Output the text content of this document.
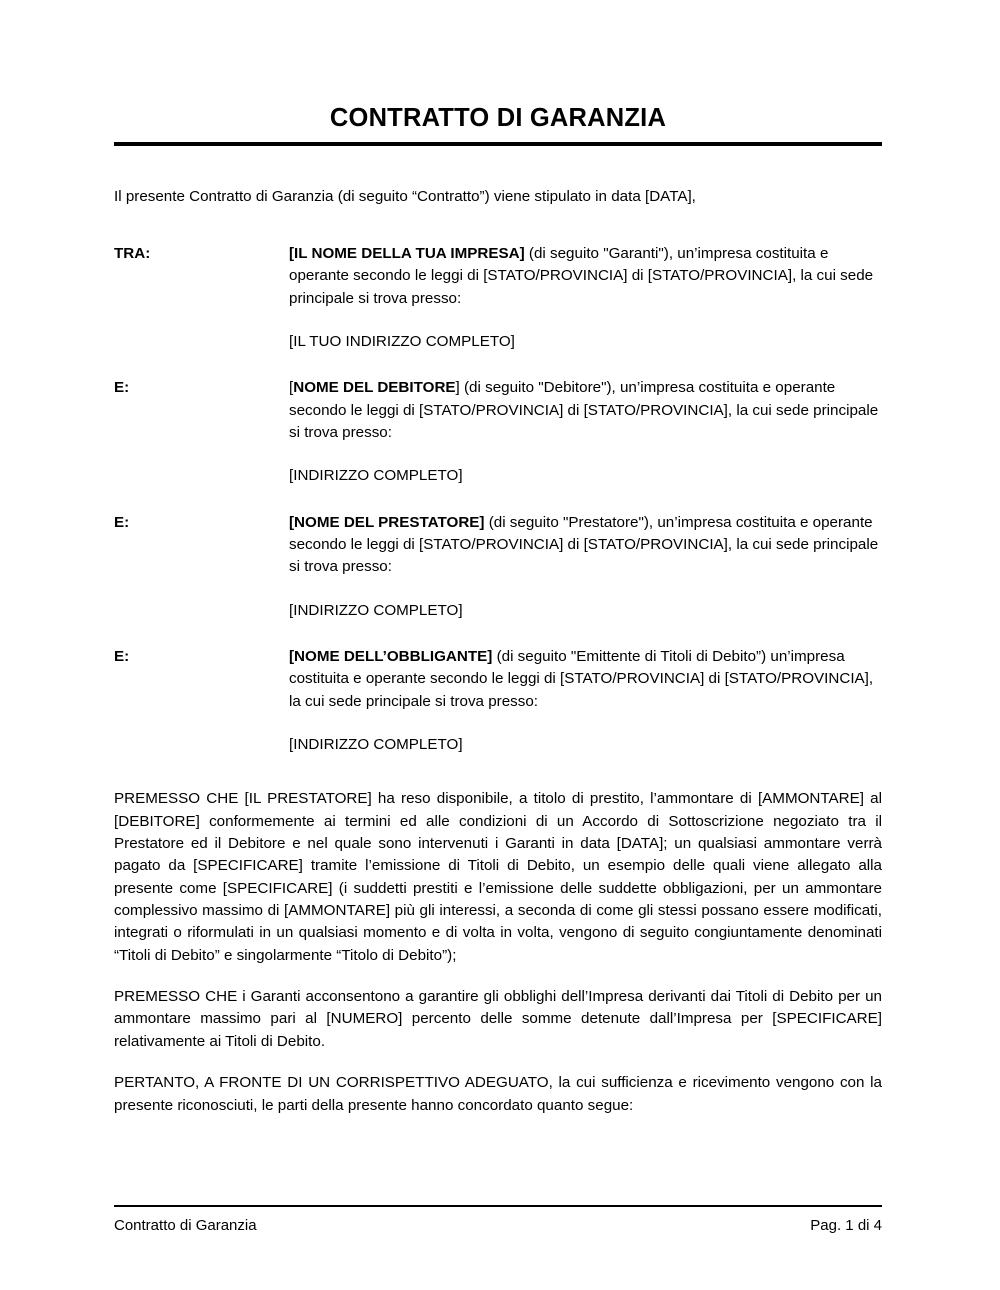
CONTRATTO DI GARANZIA

Il presente Contratto di Garanzia (di seguito “Contratto”) viene stipulato in data [DATA],

TRA:	[IL NOME DELLA TUA IMPRESA] (di seguito "Garanti"), un’impresa costituita e operante secondo le leggi di [STATO/PROVINCIA] di [STATO/PROVINCIA], la cui sede principale si trova presso:

[IL TUO INDIRIZZO COMPLETO]

E:	[NOME DEL DEBITORE] (di seguito "Debitore"), un’impresa costituita e operante secondo le leggi di [STATO/PROVINCIA] di [STATO/PROVINCIA], la cui sede principale si trova presso:

[INDIRIZZO COMPLETO]

E:	[NOME DEL PRESTATORE] (di seguito "Prestatore"), un’impresa costituita e operante secondo le leggi di [STATO/PROVINCIA] di [STATO/PROVINCIA], la cui sede principale si trova presso:

[INDIRIZZO COMPLETO]

E:	[NOME DELL’OBBLIGANTE] (di seguito "Emittente di Titoli di Debito”) un’impresa costituita e operante secondo le leggi di [STATO/PROVINCIA] di [STATO/PROVINCIA], la cui sede principale si trova presso:

[INDIRIZZO COMPLETO]

PREMESSO CHE [IL PRESTATORE] ha reso disponibile, a titolo di prestito, l’ammontare di [AMMONTARE] al [DEBITORE] conformemente ai termini ed alle condizioni di un Accordo di Sottoscrizione negoziato tra il Prestatore ed il Debitore e nel quale sono intervenuti i Garanti in data [DATA]; un qualsiasi ammontare verrà pagato da [SPECIFICARE] tramite l’emissione di Titoli di Debito, un esempio delle quali viene allegato alla presente come [SPECIFICARE] (i suddetti prestiti e l’emissione delle suddette obbligazioni, per un ammontare complessivo massimo di [AMMONTARE] più gli interessi, a seconda di come gli stessi possano essere modificati, integrati o riformulati in un qualsiasi momento e di volta in volta, vengono di seguito congiuntamente denominati “Titoli di Debito” e singolarmente “Titolo di Debito”);

PREMESSO CHE i Garanti acconsentono a garantire gli obblighi dell’Impresa derivanti dai Titoli di Debito per un ammontare massimo pari al [NUMERO] percento delle somme detenute dall’Impresa per [SPECIFICARE] relativamente ai Titoli di Debito.

PERTANTO, A FRONTE DI UN CORRISPETTIVO ADEGUATO, la cui sufficienza e ricevimento vengono con la presente riconosciuti, le parti della presente hanno concordato quanto segue:

Contratto di Garanzia	Pag. 1 di 4
